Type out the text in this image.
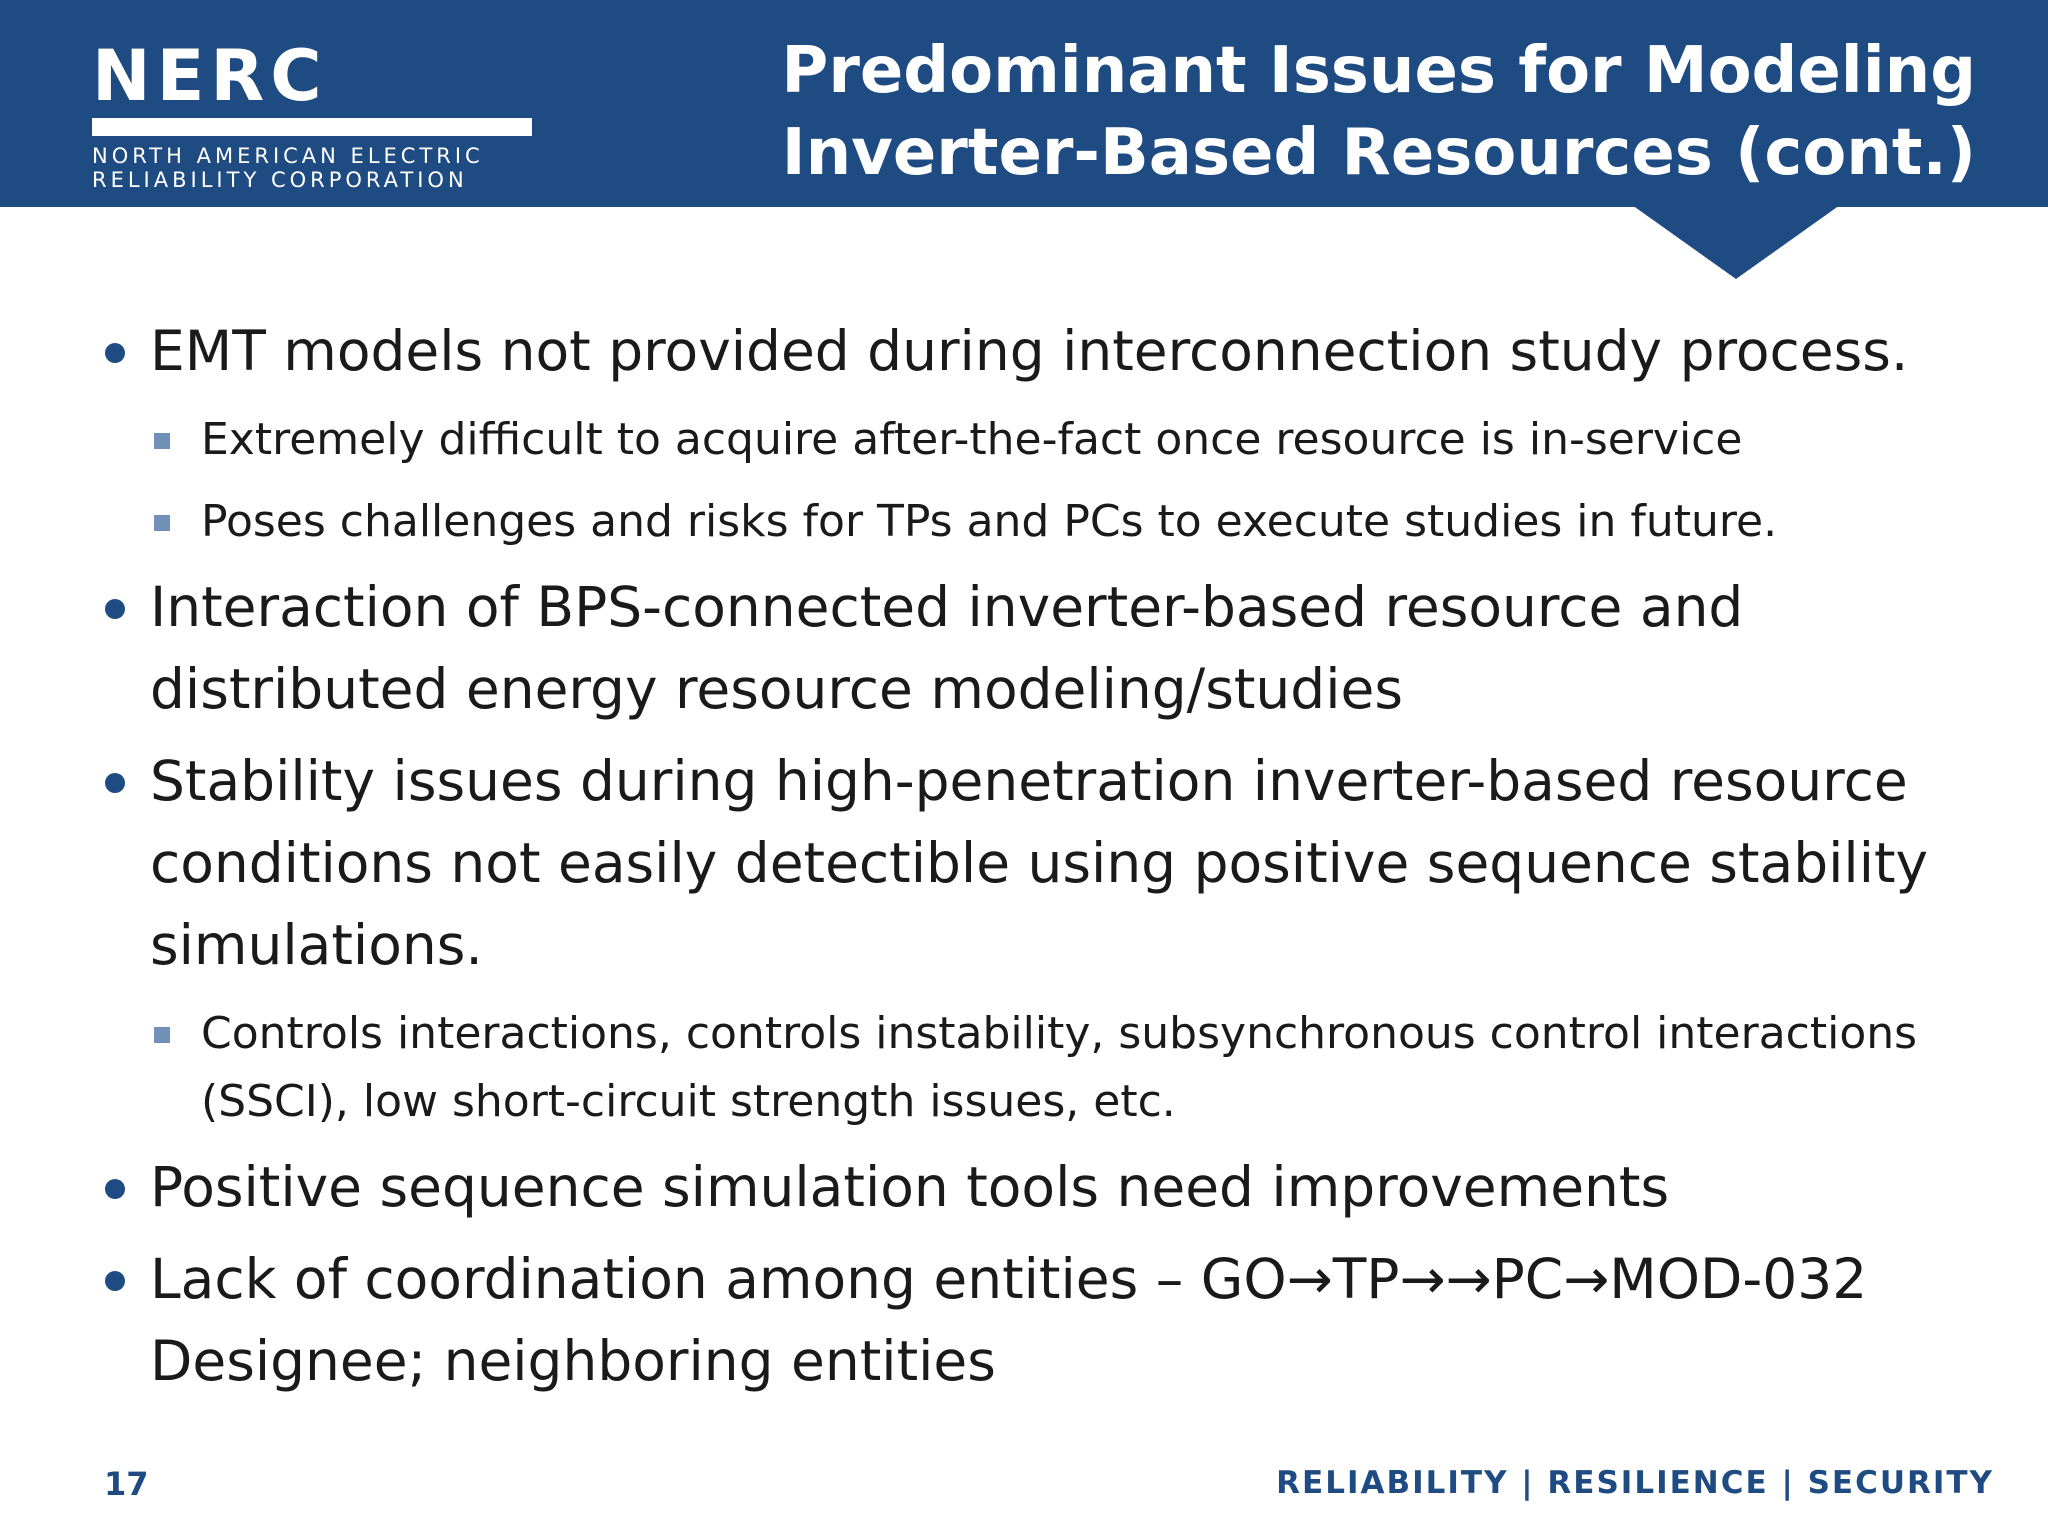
NERC
NORTH AMERICAN ELECTRIC
RELIABILITY CORPORATION
Predominant Issues for Modeling
Inverter-Based Resources (cont.)
EMT models not provided during interconnection study process.
Extremely difficult to acquire after-the-fact once resource is in-service
Poses challenges and risks for TPs and PCs to execute studies in future.
Interaction of BPS-connected inverter-based resource and distributed energy resource modeling/studies
Stability issues during high-penetration inverter-based resource conditions not easily detectible using positive sequence stability simulations.
Controls interactions, controls instability, subsynchronous control interactions (SSCI), low short-circuit strength issues, etc.
Positive sequence simulation tools need improvements
Lack of coordination among entities – GO→TP→→PC→MOD-032 Designee; neighboring entities
17	RELIABILITY | RESILIENCE | SECURITY
